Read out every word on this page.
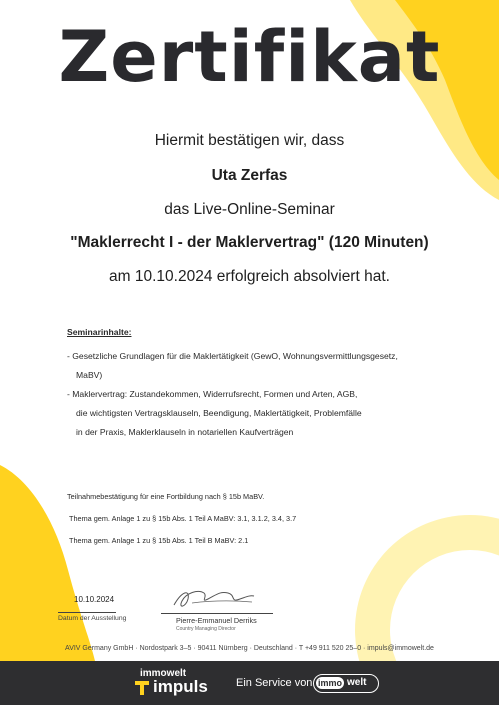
Zertifikat
Hiermit bestätigen wir, dass
Uta Zerfas
das Live-Online-Seminar
"Maklerrecht I - der Maklervertrag" (120 Minuten)
am 10.10.2024 erfolgreich absolviert hat.
Seminarinhalte:
- Gesetzliche Grundlagen für die Maklertätigkeit (GewO, Wohnungsvermittlungsgesetz,
MaBV)
- Maklervertrag: Zustandekommen, Widerrufsrecht, Formen und Arten, AGB,
die wichtigsten Vertragsklauseln, Beendigung, Maklertätigkeit, Problemfälle
in der Praxis, Maklerklauseln in notariellen Kaufverträgen
Teilnahmebestätigung für eine Fortbildung nach § 15b MaBV.
Thema gem. Anlage 1 zu § 15b Abs. 1 Teil A MaBV: 3.1, 3.1.2, 3.4, 3.7
Thema gem. Anlage 1 zu § 15b Abs. 1 Teil B MaBV: 2.1
10.10.2024
Datum der Ausstellung	Pierre-Emmanuel Derriks
Country Managing Director
AVIV Germany GmbH · Nordostpark 3–5 · 90411 Nürnberg · Deutschland · T +49 911 520 25–0 · impuls@immowelt.de
immowelt
impuls	Ein Service von immo welt
